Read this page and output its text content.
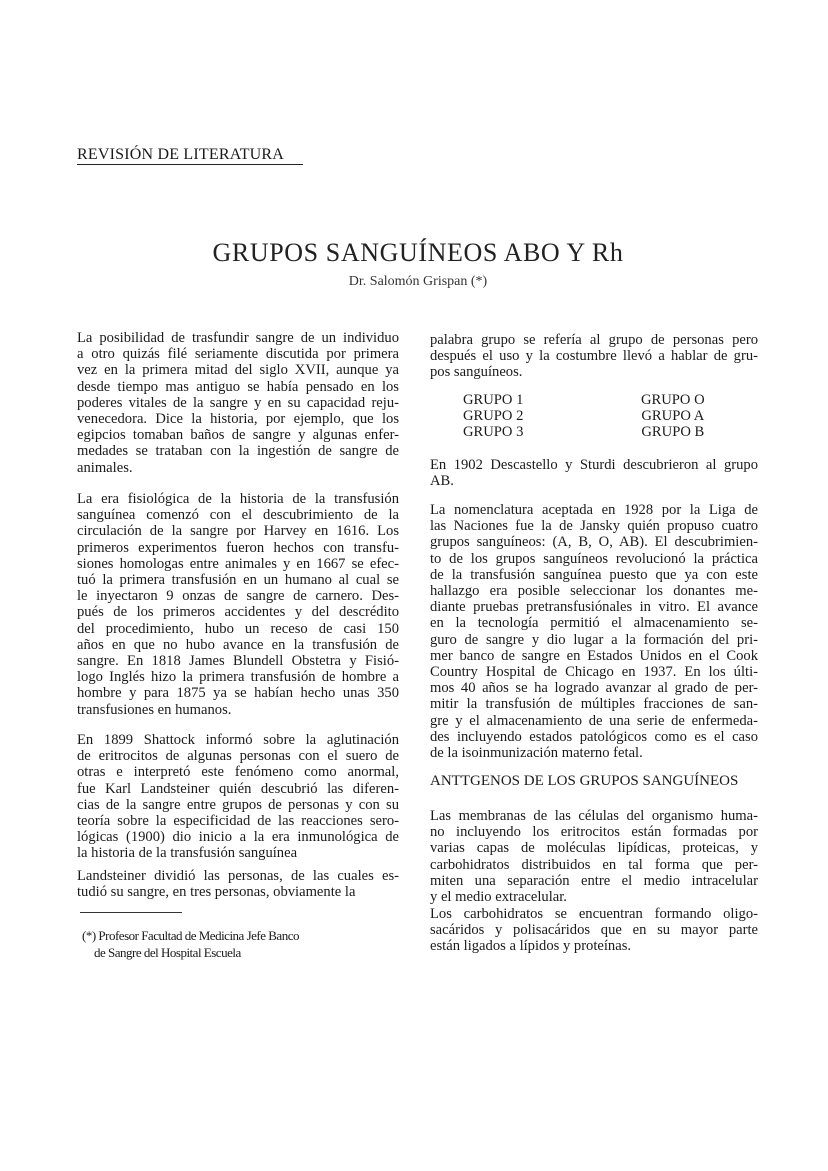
REVISIÓN DE LITERATURA
GRUPOS SANGUÍNEOS ABO Y Rh
Dr. Salomón Grispan (*)
La posibilidad de trasfundir sangre de un individuo
a otro quizás filé seriamente discutida por primera
vez en la primera mitad del siglo XVII, aunque ya
desde tiempo mas antiguo se había pensado en los
poderes vitales de la sangre y en su capacidad reju-
venecedora. Dice la historia, por ejemplo, que los
egipcios tomaban baños de sangre y algunas enfer-
medades se trataban con la ingestión de sangre de
animales.
La era fisiológica de la historia de la transfusión
sanguínea comenzó con el descubrimiento de la
circulación de la sangre por Harvey en 1616. Los
primeros experimentos fueron hechos con transfu-
siones homologas entre animales y en 1667 se efec-
tuó la primera transfusión en un humano al cual se
le inyectaron 9 onzas de sangre de carnero. Des-
pués de los primeros accidentes y del descrédito
del procedimiento, hubo un receso de casi 150
años en que no hubo avance en la transfusión de
sangre. En 1818 James Blundell Obstetra y Fisió-
logo Inglés hizo la primera transfusión de hombre a
hombre y para 1875 ya se habían hecho unas 350
transfusiones en humanos.
En 1899 Shattock informó sobre la aglutinación
de eritrocitos de algunas personas con el suero de
otras e interpretó este fenómeno como anormal,
fue Karl Landsteiner quién descubrió las diferen-
cias de la sangre entre grupos de personas y con su
teoría sobre la especificidad de las reacciones sero-
lógicas (1900) dio inicio a la era inmunológica de
la historia de la transfusión sanguínea
Landsteiner dividió las personas, de las cuales es-
tudió su sangre, en tres personas, obviamente la
(*) Profesor Facultad de Medicina Jefe Banco
de Sangre del Hospital Escuela
palabra grupo se refería al grupo de personas pero
después el uso y la costumbre llevó a hablar de gru-
pos sanguíneos.
GRUPO 1
GRUPO 2
GRUPO 3
GRUPO O
GRUPO A
GRUPO B
En 1902 Descastello y Sturdi descubrieron al grupo
AB.
La nomenclatura aceptada en 1928 por la Liga de
las Naciones fue la de Jansky quién propuso cuatro
grupos sanguíneos: (A, B, O, AB). El descubrimien-
to de los grupos sanguíneos revolucionó la práctica
de la transfusión sanguínea puesto que ya con este
hallazgo era posible seleccionar los donantes me-
diante pruebas pretransfusiónales in vitro. El avance
en la tecnología permitió el almacenamiento se-
guro de sangre y dio lugar a la formación del pri-
mer banco de sangre en Estados Unidos en el Cook
Country Hospital de Chicago en 1937. En los últi-
mos 40 años se ha logrado avanzar al grado de per-
mitir la transfusión de múltiples fracciones de san-
gre y el almacenamiento de una serie de enfermeda-
des incluyendo estados patológicos como es el caso
de la isoinmunización materno fetal.
ANTTGENOS DE LOS GRUPOS SANGUÍNEOS
Las membranas de las células del organismo huma-
no incluyendo los eritrocitos están formadas por
varias capas de moléculas lipídicas, proteicas, y
carbohidratos distribuidos en tal forma que per-
miten una separación entre el medio intracelular
y el medio extracelular.
Los carbohidratos se encuentran formando oligo-
sacáridos y polisacáridos que en su mayor parte
están ligados a lípidos y proteínas.
